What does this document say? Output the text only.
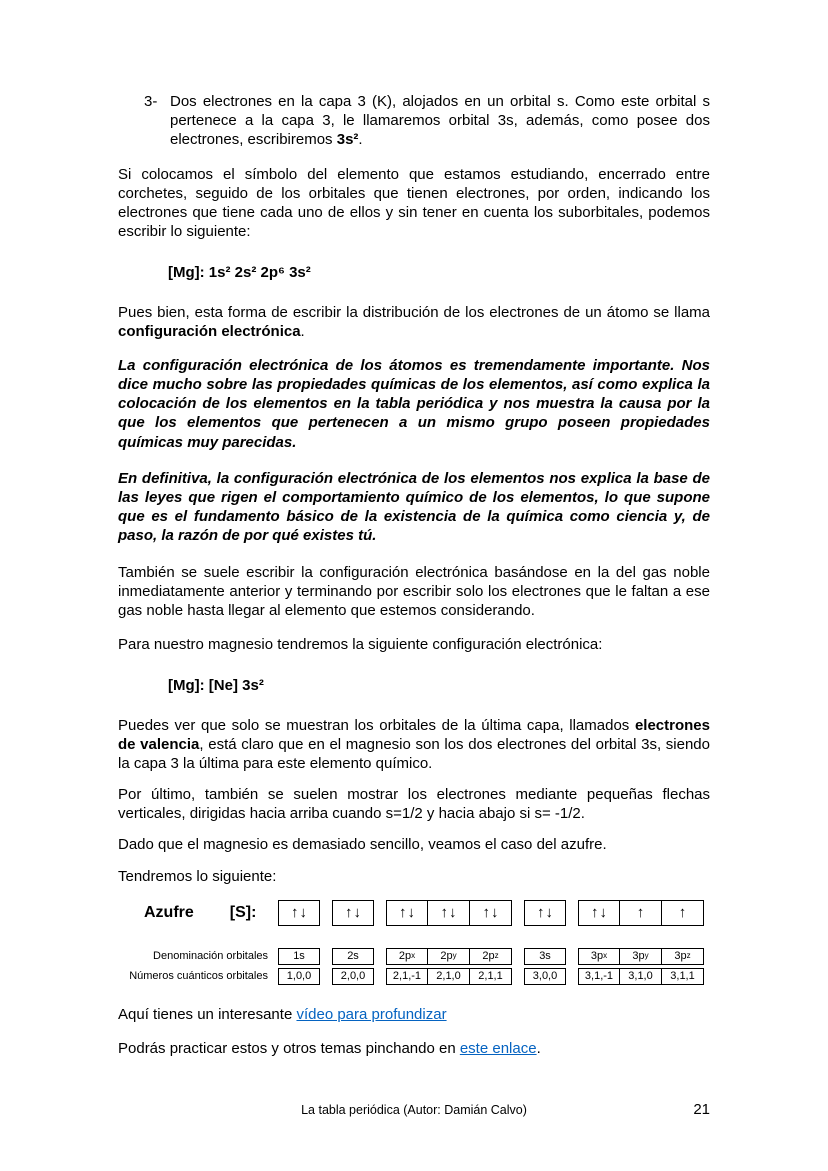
3- Dos electrones en la capa 3 (K), alojados en un orbital s. Como este orbital s pertenece a la capa 3, le llamaremos orbital 3s, además, como posee dos electrones, escribiremos 3s².

Si colocamos el símbolo del elemento que estamos estudiando, encerrado entre corchetes, seguido de los orbitales que tienen electrones, por orden, indicando los electrones que tiene cada uno de ellos y sin tener en cuenta los suborbitales, podemos escribir lo siguiente:

[Mg]: 1s² 2s² 2p⁶ 3s²

Pues bien, esta forma de escribir la distribución de los electrones de un átomo se llama configuración electrónica.

La configuración electrónica de los átomos es tremendamente importante. Nos dice mucho sobre las propiedades químicas de los elementos, así como explica la colocación de los elementos en la tabla periódica y nos muestra la causa por la que los elementos que pertenecen a un mismo grupo poseen propiedades químicas muy parecidas.

En definitiva, la configuración electrónica de los elementos nos explica la base de las leyes que rigen el comportamiento químico de los elementos, lo que supone que es el fundamento básico de la existencia de la química como ciencia y, de paso, la razón de por qué existes tú.

También se suele escribir la configuración electrónica basándose en la del gas noble inmediatamente anterior y terminando por escribir solo los electrones que le faltan a ese gas noble hasta llegar al elemento que estemos considerando.

Para nuestro magnesio tendremos la siguiente configuración electrónica:

[Mg]: [Ne] 3s²

Puedes ver que solo se muestran los orbitales de la última capa, llamados electrones de valencia, está claro que en el magnesio son los dos electrones del orbital 3s, siendo la capa 3 la última para este elemento químico.

Por último, también se suelen mostrar los electrones mediante pequeñas flechas verticales, dirigidas hacia arriba cuando s=1/2 y hacia abajo si s= -1/2.

Dado que el magnesio es demasiado sencillo, veamos el caso del azufre.

Tendremos lo siguiente:

Azufre [S]:	↑↓	↑↓	↑↓	↑↓	↑↓	↑↓	↑↓	↑	↑
Denominación orbitales	1s	2s	2p x	2p y	2p z	3s	3p x	3p y	3p z
Números cuánticos orbitales	1,0,0	2,0,0	2,1,-1	2,1,0	2,1,1	3,0,0	3,1,-1	3,1,0	3,1,1

Aquí tienes un interesante vídeo para profundizar

Podrás practicar estos y otros temas pinchando en este enlace.

La tabla periódica (Autor: Damián Calvo)	21
